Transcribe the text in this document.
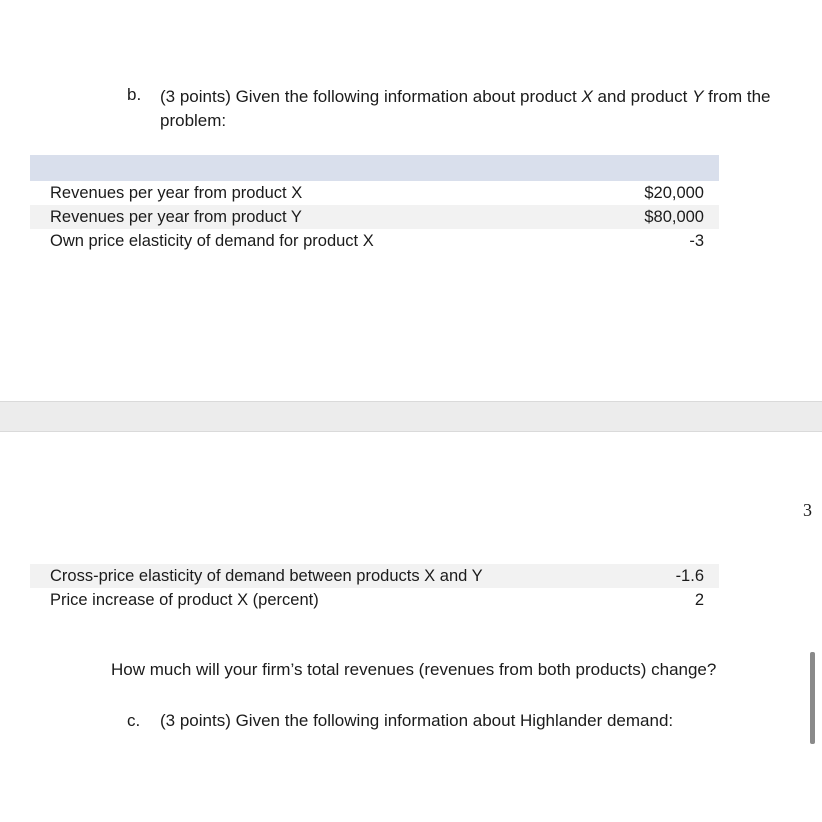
b. (3 points) Given the following information about product X and product Y from the problem:
Revenues per year from product X	$20,000
Revenues per year from product Y	$80,000
Own price elasticity of demand for product X	-3
3
Cross-price elasticity of demand between products X and Y	-1.6
Price increase of product X (percent)	2
How much will your firm’s total revenues (revenues from both products) change?
c. (3 points) Given the following information about Highlander demand:
